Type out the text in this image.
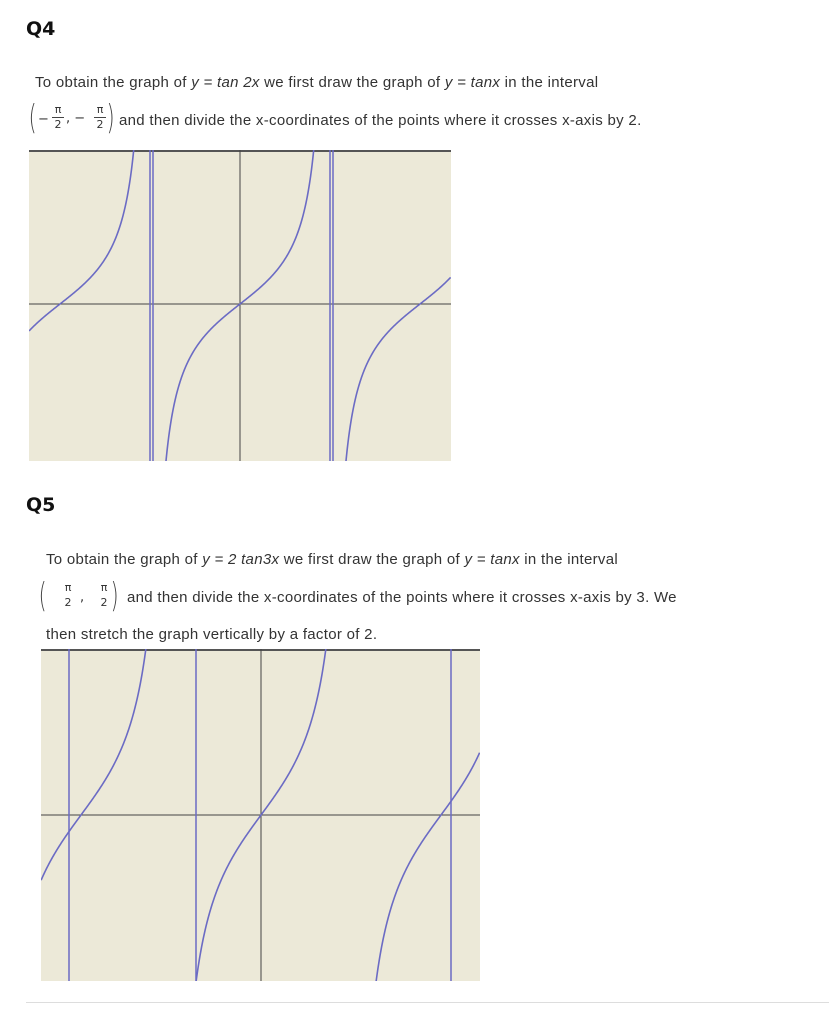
Q4
To obtain the graph of y = tan 2x we first draw the graph of y = tanx in the interval
( −
π
2 , −
π
2 ) and then divide the x-coordinates of the points where it crosses x-axis by 2.
Q5
To obtain the graph of y = 2 tan3x we first draw the graph of y = tanx in the interval
( π
2 ,
π
2 ) and then divide the x-coordinates of the points where it crosses x-axis by 3. We
then stretch the graph vertically by a factor of 2.
